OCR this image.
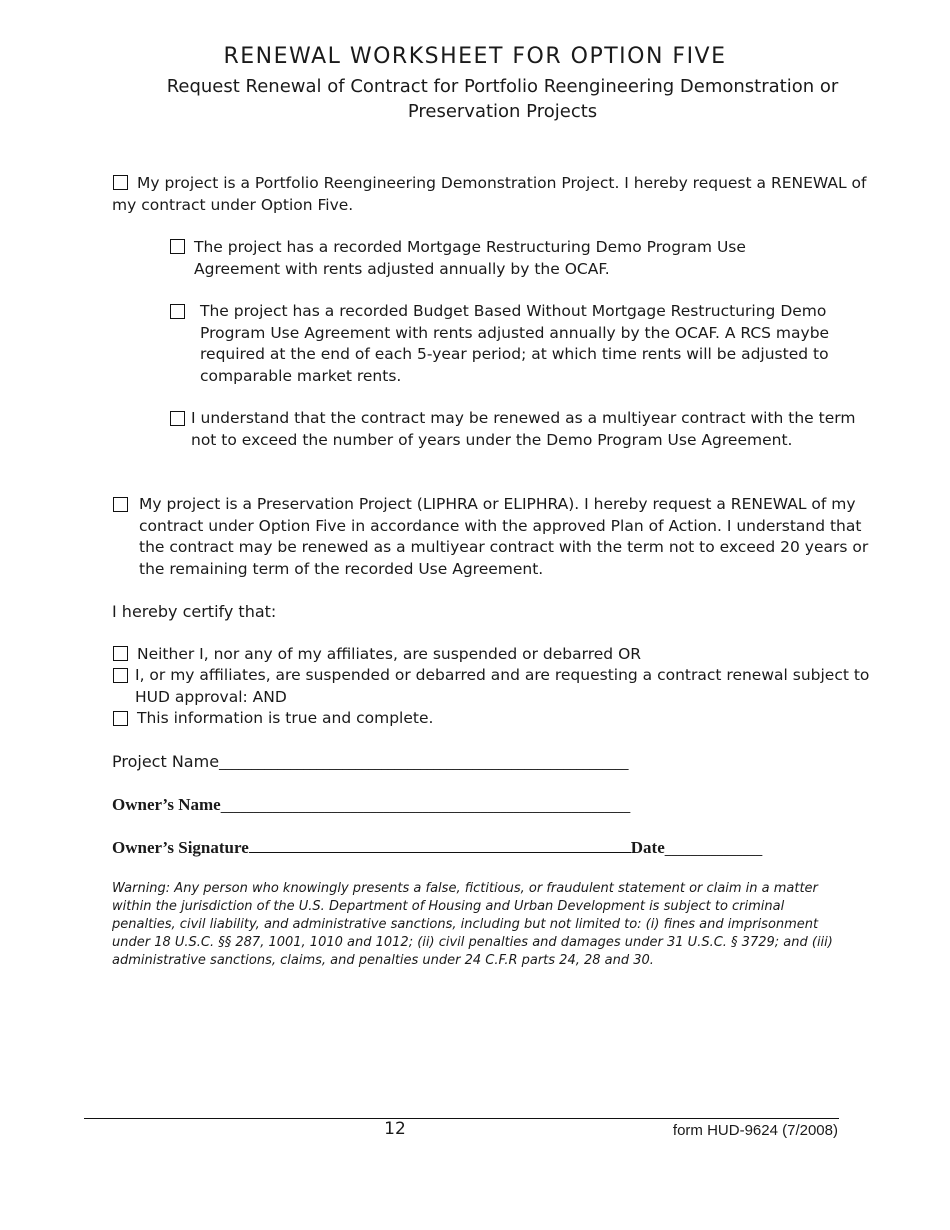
RENEWAL WORKSHEET FOR OPTION FIVE
Request Renewal of Contract for Portfolio Reengineering Demonstration or Preservation Projects
My project is a Portfolio Reengineering Demonstration Project. I hereby request a RENEWAL of my contract under Option Five.
The project has a recorded Mortgage Restructuring Demo Program Use Agreement with rents adjusted annually by the OCAF.
The project has a recorded Budget Based Without Mortgage Restructuring Demo Program Use Agreement with rents adjusted annually by the OCAF. A RCS maybe required at the end of each 5-year period; at which time rents will be adjusted to comparable market rents.
I understand that the contract may be renewed as a multiyear contract with the term not to exceed the number of years under the Demo Program Use Agreement.
My project is a Preservation Project (LIPHRA or ELIPHRA). I hereby request a RENEWAL of my contract under Option Five in accordance with the approved Plan of Action. I understand that the contract may be renewed as a multiyear contract with the term not to exceed 20 years or the remaining term of the recorded Use Agreement.
I hereby certify that:
Neither I, nor any of my affiliates, are suspended or debarred OR
I, or my affiliates, are suspended or debarred and are requesting a contract renewal subject to HUD approval: AND
This information is true and complete.
Project Name_______________________________________________________________
Owner’s Name_______________________________________________________________
Owner’s Signature	Date_______________
Warning: Any person who knowingly presents a false, fictitious, or fraudulent statement or claim in a matter within the jurisdiction of the U.S. Department of Housing and Urban Development is subject to criminal penalties, civil liability, and administrative sanctions, including but not limited to: (i) fines and imprisonment under 18 U.S.C. §§ 287, 1001, 1010 and 1012; (ii) civil penalties and damages under 31 U.S.C. § 3729; and (iii) administrative sanctions, claims, and penalties under 24 C.F.R parts 24, 28 and 30.
12	form HUD-9624 (7/2008)
